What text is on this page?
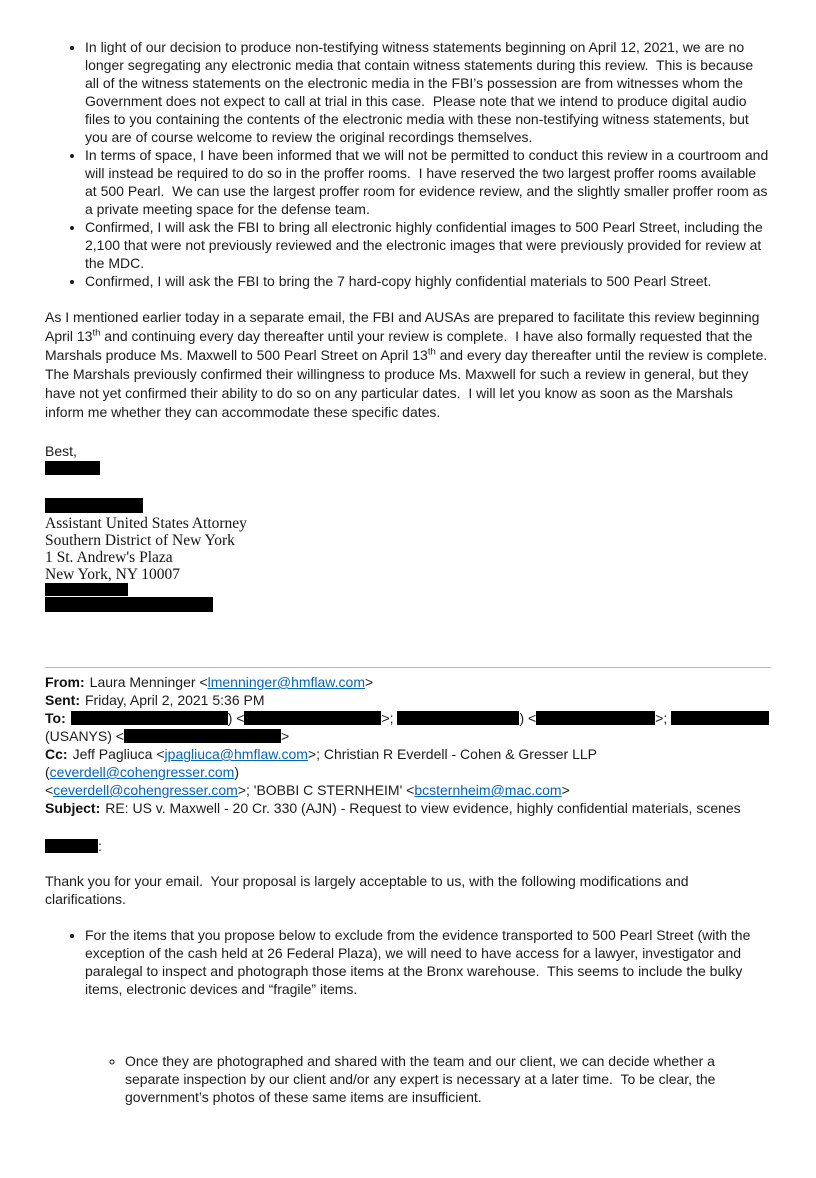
• In light of our decision to produce non-testifying witness statements beginning on April 12, 2021, we are no longer segregating any electronic media that contain witness statements during this review.  This is because all of the witness statements on the electronic media in the FBI’s possession are from witnesses whom the Government does not expect to call at trial in this case.  Please note that we intend to produce digital audio files to you containing the contents of the electronic media with these non-testifying witness statements, but you are of course welcome to review the original recordings themselves.
• In terms of space, I have been informed that we will not be permitted to conduct this review in a courtroom and will instead be required to do so in the proffer rooms.  I have reserved the two largest proffer rooms available at 500 Pearl.  We can use the largest proffer room for evidence review, and the slightly smaller proffer room as a private meeting space for the defense team.
• Confirmed, I will ask the FBI to bring all electronic highly confidential images to 500 Pearl Street, including the 2,100 that were not previously reviewed and the electronic images that were previously provided for review at the MDC.
• Confirmed, I will ask the FBI to bring the 7 hard-copy highly confidential materials to 500 Pearl Street.
As I mentioned earlier today in a separate email, the FBI and AUSAs are prepared to facilitate this review beginning April 13th and continuing every day thereafter until your review is complete.  I have also formally requested that the Marshals produce Ms. Maxwell to 500 Pearl Street on April 13th and every day thereafter until the review is complete.  The Marshals previously confirmed their willingness to produce Ms. Maxwell for such a review in general, but they have not yet confirmed their ability to do so on any particular dates.  I will let you know as soon as the Marshals inform me whether they can accommodate these specific dates.
Best,
Assistant United States Attorney
Southern District of New York
1 St. Andrew's Plaza
New York, NY 10007
From: Laura Menninger <lmenninger@hmflaw.com>
Sent: Friday, April 2, 2021 5:36 PM
To:	) <	>;	) <	>;
(USANYS) <	>
Cc: Jeff Pagliuca <jpagliuca@hmflaw.com>; Christian R Everdell - Cohen & Gresser LLP (ceverdell@cohengresser.com)
<ceverdell@cohengresser.com>; 'BOBBI C STERNHEIM' <bcsternheim@mac.com>
Subject: RE: US v. Maxwell - 20 Cr. 330 (AJN) - Request to view evidence, highly confidential materials, scenes
:
Thank you for your email.  Your proposal is largely acceptable to us, with the following modifications and clarifications.
• For the items that you propose below to exclude from the evidence transported to 500 Pearl Street (with the exception of the cash held at 26 Federal Plaza), we will need to have access for a lawyer, investigator and paralegal to inspect and photograph those items at the Bronx warehouse.  This seems to include the bulky items, electronic devices and “fragile” items.

◦ Once they are photographed and shared with the team and our client, we can decide whether a separate inspection by our client and/or any expert is necessary at a later time.  To be clear, the government’s photos of these same items are insufficient.
